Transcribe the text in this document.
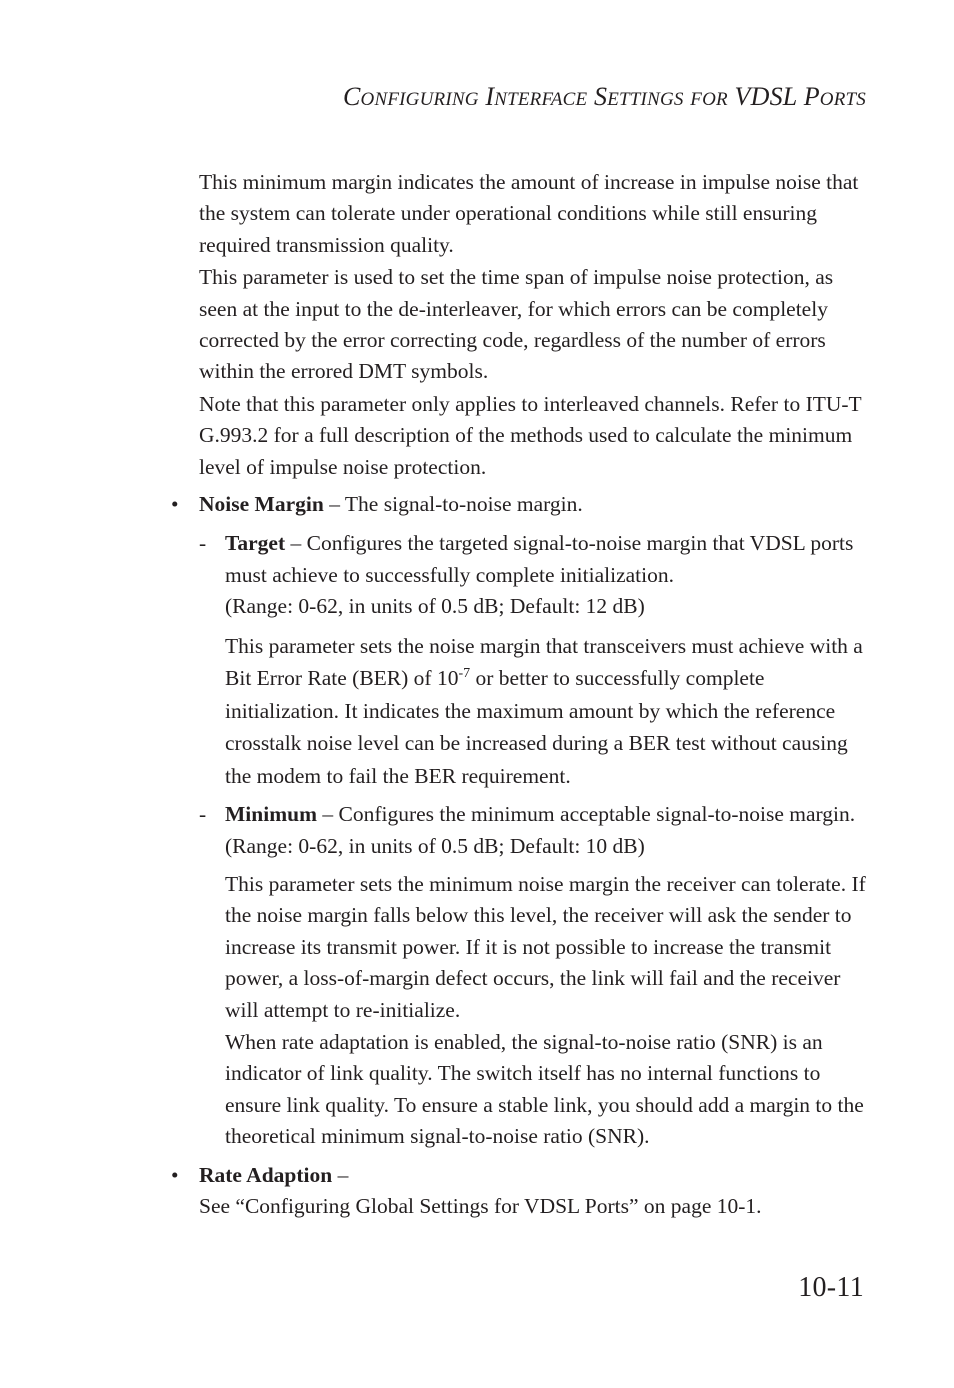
CONFIGURING INTERFACE SETTINGS FOR VDSL PORTS

This minimum margin indicates the amount of increase in impulse noise that the system can tolerate under operational conditions while still ensuring required transmission quality.

This parameter is used to set the time span of impulse noise protection, as seen at the input to the de-interleaver, for which errors can be completely corrected by the error correcting code, regardless of the number of errors within the errored DMT symbols.

Note that this parameter only applies to interleaved channels. Refer to ITU-T G.993.2 for a full description of the methods used to calculate the minimum level of impulse noise protection.

• Noise Margin – The signal-to-noise margin.

- Target – Configures the targeted signal-to-noise margin that VDSL ports must achieve to successfully complete initialization.
(Range: 0-62, in units of 0.5 dB; Default: 12 dB)

This parameter sets the noise margin that transceivers must achieve with a Bit Error Rate (BER) of $10^{-7}$ or better to successfully complete initialization. It indicates the maximum amount by which the reference crosstalk noise level can be increased during a BER test without causing the modem to fail the BER requirement.

- Minimum – Configures the minimum acceptable signal-to-noise margin. (Range: 0-62, in units of 0.5 dB; Default: 10 dB)

This parameter sets the minimum noise margin the receiver can tolerate. If the noise margin falls below this level, the receiver will ask the sender to increase its transmit power. If it is not possible to increase the transmit power, a loss-of-margin defect occurs, the link will fail and the receiver will attempt to re-initialize.

When rate adaptation is enabled, the signal-to-noise ratio (SNR) is an indicator of link quality. The switch itself has no internal functions to ensure link quality. To ensure a stable link, you should add a margin to the theoretical minimum signal-to-noise ratio (SNR).

• Rate Adaption –
See “Configuring Global Settings for VDSL Ports” on page 10-1.

10-11
